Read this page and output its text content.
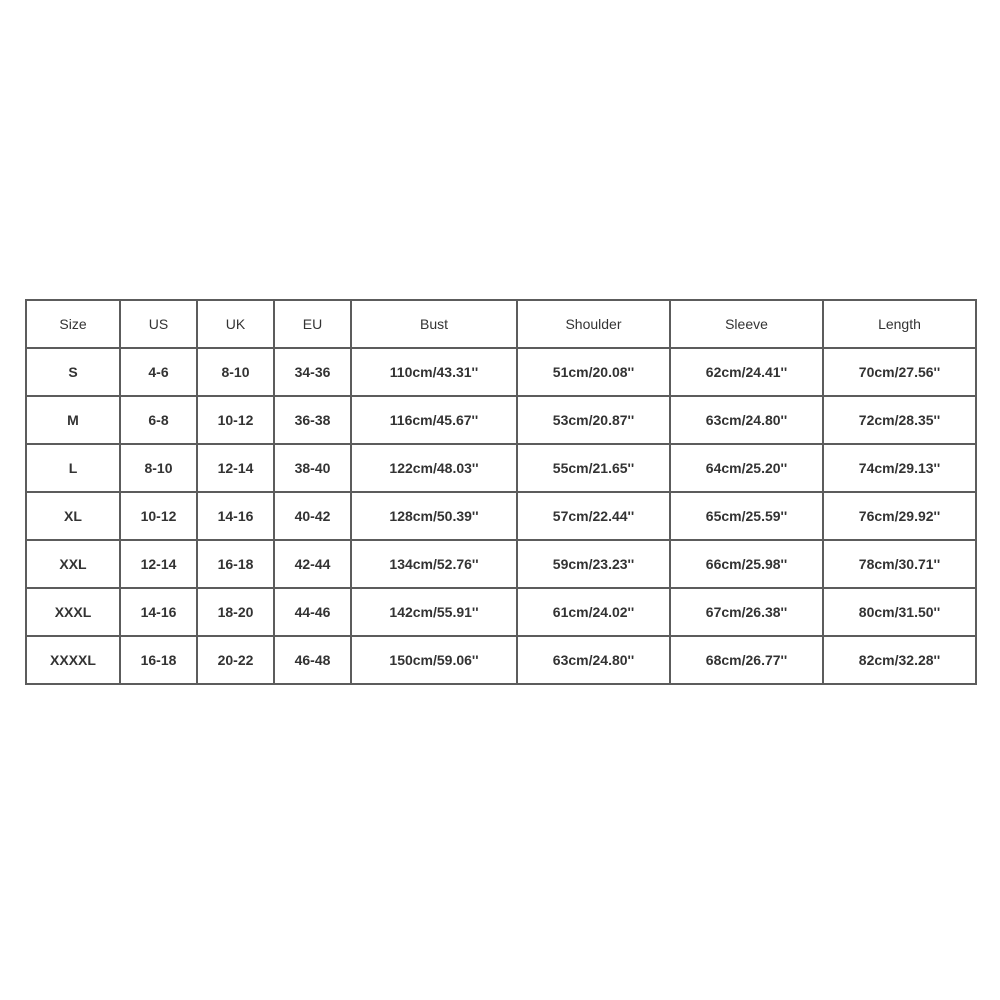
Size	US	UK	EU	Bust	Shoulder	Sleeve	Length
S	4-6	8-10	34-36	110cm/43.31''	51cm/20.08''	62cm/24.41''	70cm/27.56''
M	6-8	10-12	36-38	116cm/45.67''	53cm/20.87''	63cm/24.80''	72cm/28.35''
L	8-10	12-14	38-40	122cm/48.03''	55cm/21.65''	64cm/25.20''	74cm/29.13''
XL	10-12	14-16	40-42	128cm/50.39''	57cm/22.44''	65cm/25.59''	76cm/29.92''
XXL	12-14	16-18	42-44	134cm/52.76''	59cm/23.23''	66cm/25.98''	78cm/30.71''
XXXL	14-16	18-20	44-46	142cm/55.91''	61cm/24.02''	67cm/26.38''	80cm/31.50''
XXXXL	16-18	20-22	46-48	150cm/59.06''	63cm/24.80''	68cm/26.77''	82cm/32.28''
